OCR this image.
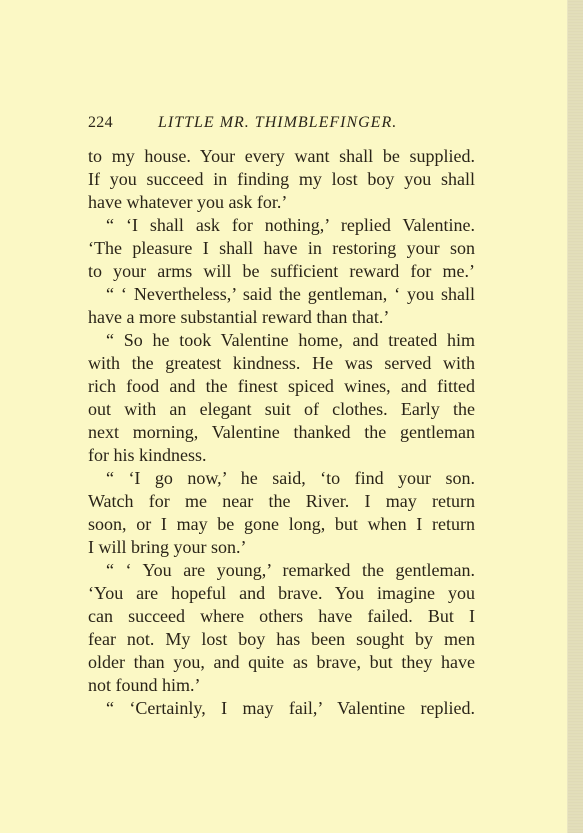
224	LITTLE MR. THIMBLEFINGER.
to my house. Your every want shall be supplied.
If you succeed in finding my lost boy you shall
have whatever you ask for.’
“ ‘I shall ask for nothing,’ replied Valentine.
‘The pleasure I shall have in restoring your son
to your arms will be sufficient reward for me.’
“ ‘ Nevertheless,’ said the gentleman, ‘ you shall
have a more substantial reward than that.’
“ So he took Valentine home, and treated him
with the greatest kindness. He was served with
rich food and the finest spiced wines, and fitted
out with an elegant suit of clothes. Early the
next morning, Valentine thanked the gentleman
for his kindness.
“ ‘I go now,’ he said, ‘to find your son.
Watch for me near the River. I may return
soon, or I may be gone long, but when I return
I will bring your son.’
“ ‘ You are young,’ remarked the gentleman.
‘You are hopeful and brave. You imagine you
can succeed where others have failed. But I
fear not. My lost boy has been sought by men
older than you, and quite as brave, but they have
not found him.’
“ ‘Certainly, I may fail,’ Valentine replied.
